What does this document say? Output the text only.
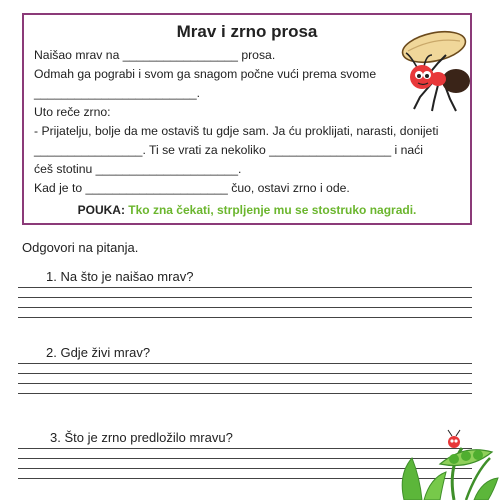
Mrav i zrno prosa
Naišao mrav na _________________ prosa.
Odmah ga pograbi i svom ga snagom počne vući prema svome
________________________.
Uto reče zrno:
- Prijatelju, bolje da me ostaviš tu gdje sam. Ja ću proklijati, narasti, donijeti
________________. Ti se vrati za nekoliko __________________ i naći
ćeš stotinu _____________________.
Kad je to _____________________ čuo, ostavi zrno i ode.
POUKA: Tko zna čekati, strpljenje mu se stostruko nagradi.
Odgovori na pitanja.
1. Na što je naišao mrav?
2. Gdje živi mrav?
3. Što je zrno predložilo mravu?
